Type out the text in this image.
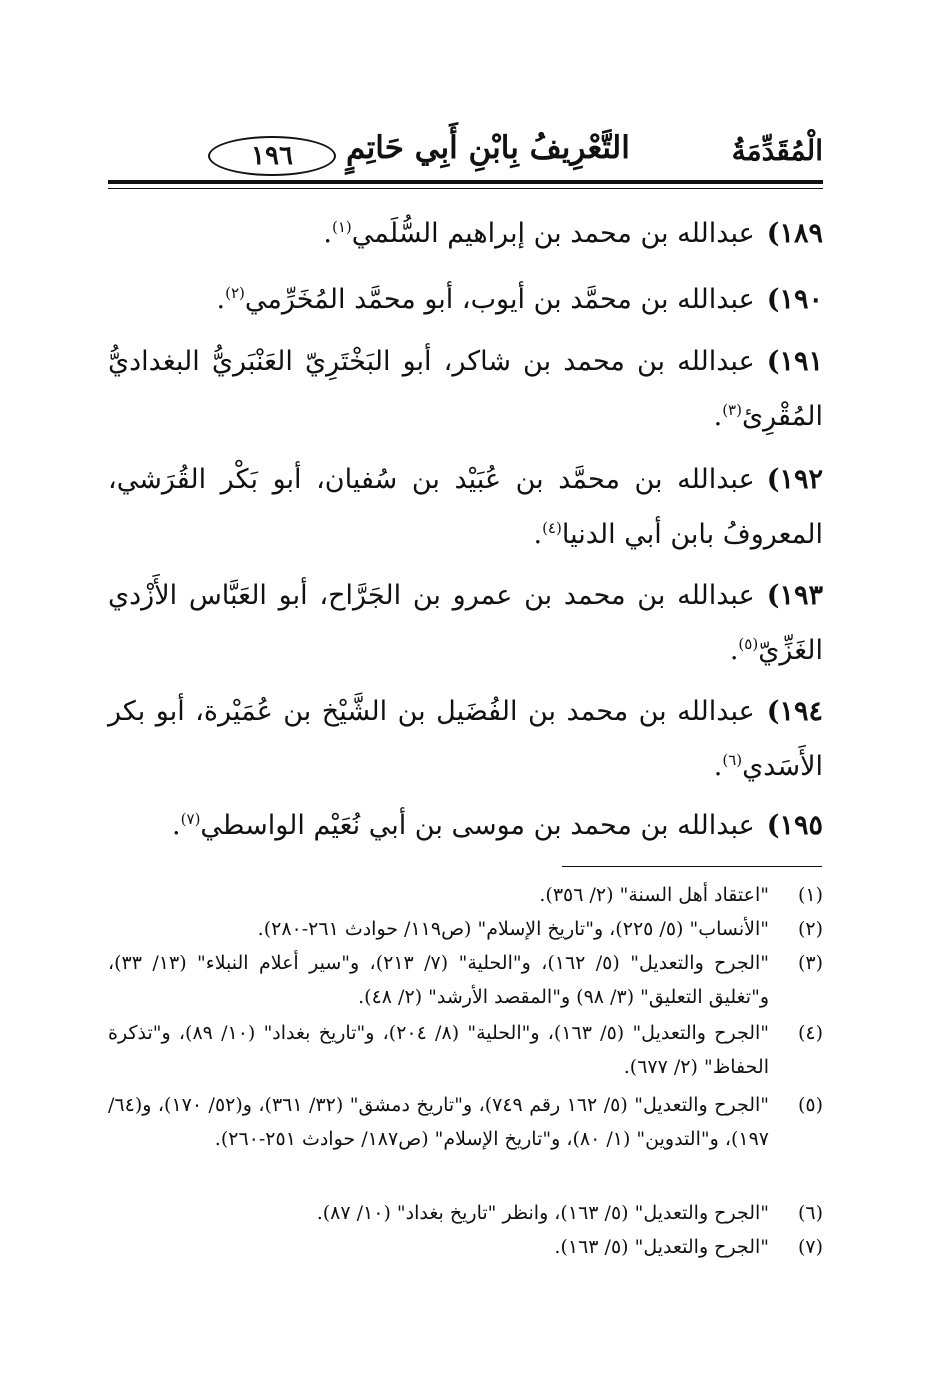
الْمُقَدِّمَةُ
التَّعْرِيفُ بِابْنِ أَبِي حَاتِمٍ
١٩٦
١٨٩)عبدالله بن محمد بن إبراهيم السُّلَمي$^{(١)}$.
١٩٠)عبدالله بن محمَّد بن أيوب، أبو محمَّد المُخَرِّمي$^{(٢)}$.
١٩١)عبدالله بن محمد بن شاكر، أبو البَخْتَرِيّ العَنْبَريُّ البغداديُّ المُقْرِئ$^{(٣)}$.
١٩٢)عبدالله بن محمَّد بن عُبَيْد بن سُفيان، أبو بَكْر القُرَشي، المعروفُ بابن أبي الدنيا$^{(٤)}$.
١٩٣)عبدالله بن محمد بن عمرو بن الجَرَّاح، أبو العَبَّاس الأَزْدي الغَزِّيّ$^{(٥)}$.
١٩٤)عبدالله بن محمد بن الفُضَيل بن الشَّيْخ بن عُمَيْرة، أبو بكر الأَسَدي$^{(٦)}$.
١٩٥)عبدالله بن محمد بن موسى بن أبي نُعَيْم الواسطي$^{(٧)}$.
(١)
"اعتقاد أهل السنة" (٢/ ٣٥٦).
(٢)
"الأنساب" (٥/ ٢٢٥)، و"تاريخ الإسلام" (ص١١٩/ حوادث ٢٦١-٢٨٠).
(٣)
"الجرح والتعديل" (٥/ ١٦٢)، و"الحلية" (٧/ ٢١٣)، و"سير أعلام النبلاء" (١٣/ ٣٣)، و"تغليق التعليق" (٣/ ٩٨) و"المقصد الأرشد" (٢/ ٤٨).
(٤)
"الجرح والتعديل" (٥/ ١٦٣)، و"الحلية" (٨/ ٢٠٤)، و"تاريخ بغداد" (١٠/ ٨٩)، و"تذكرة الحفاظ" (٢/ ٦٧٧).
(٥)
"الجرح والتعديل" (٥/ ١٦٢ رقم ٧٤٩)، و"تاريخ دمشق" (٣٢/ ٣٦١)، و(٥٢/ ١٧٠)، و(٦٤/ ١٩٧)، و"التدوين" (١/ ٨٠)، و"تاريخ الإسلام" (ص١٨٧/ حوادث ٢٥١-٢٦٠).
(٦)
"الجرح والتعديل" (٥/ ١٦٣)، وانظر "تاريخ بغداد" (١٠/ ٨٧).
(٧)
"الجرح والتعديل" (٥/ ١٦٣).
